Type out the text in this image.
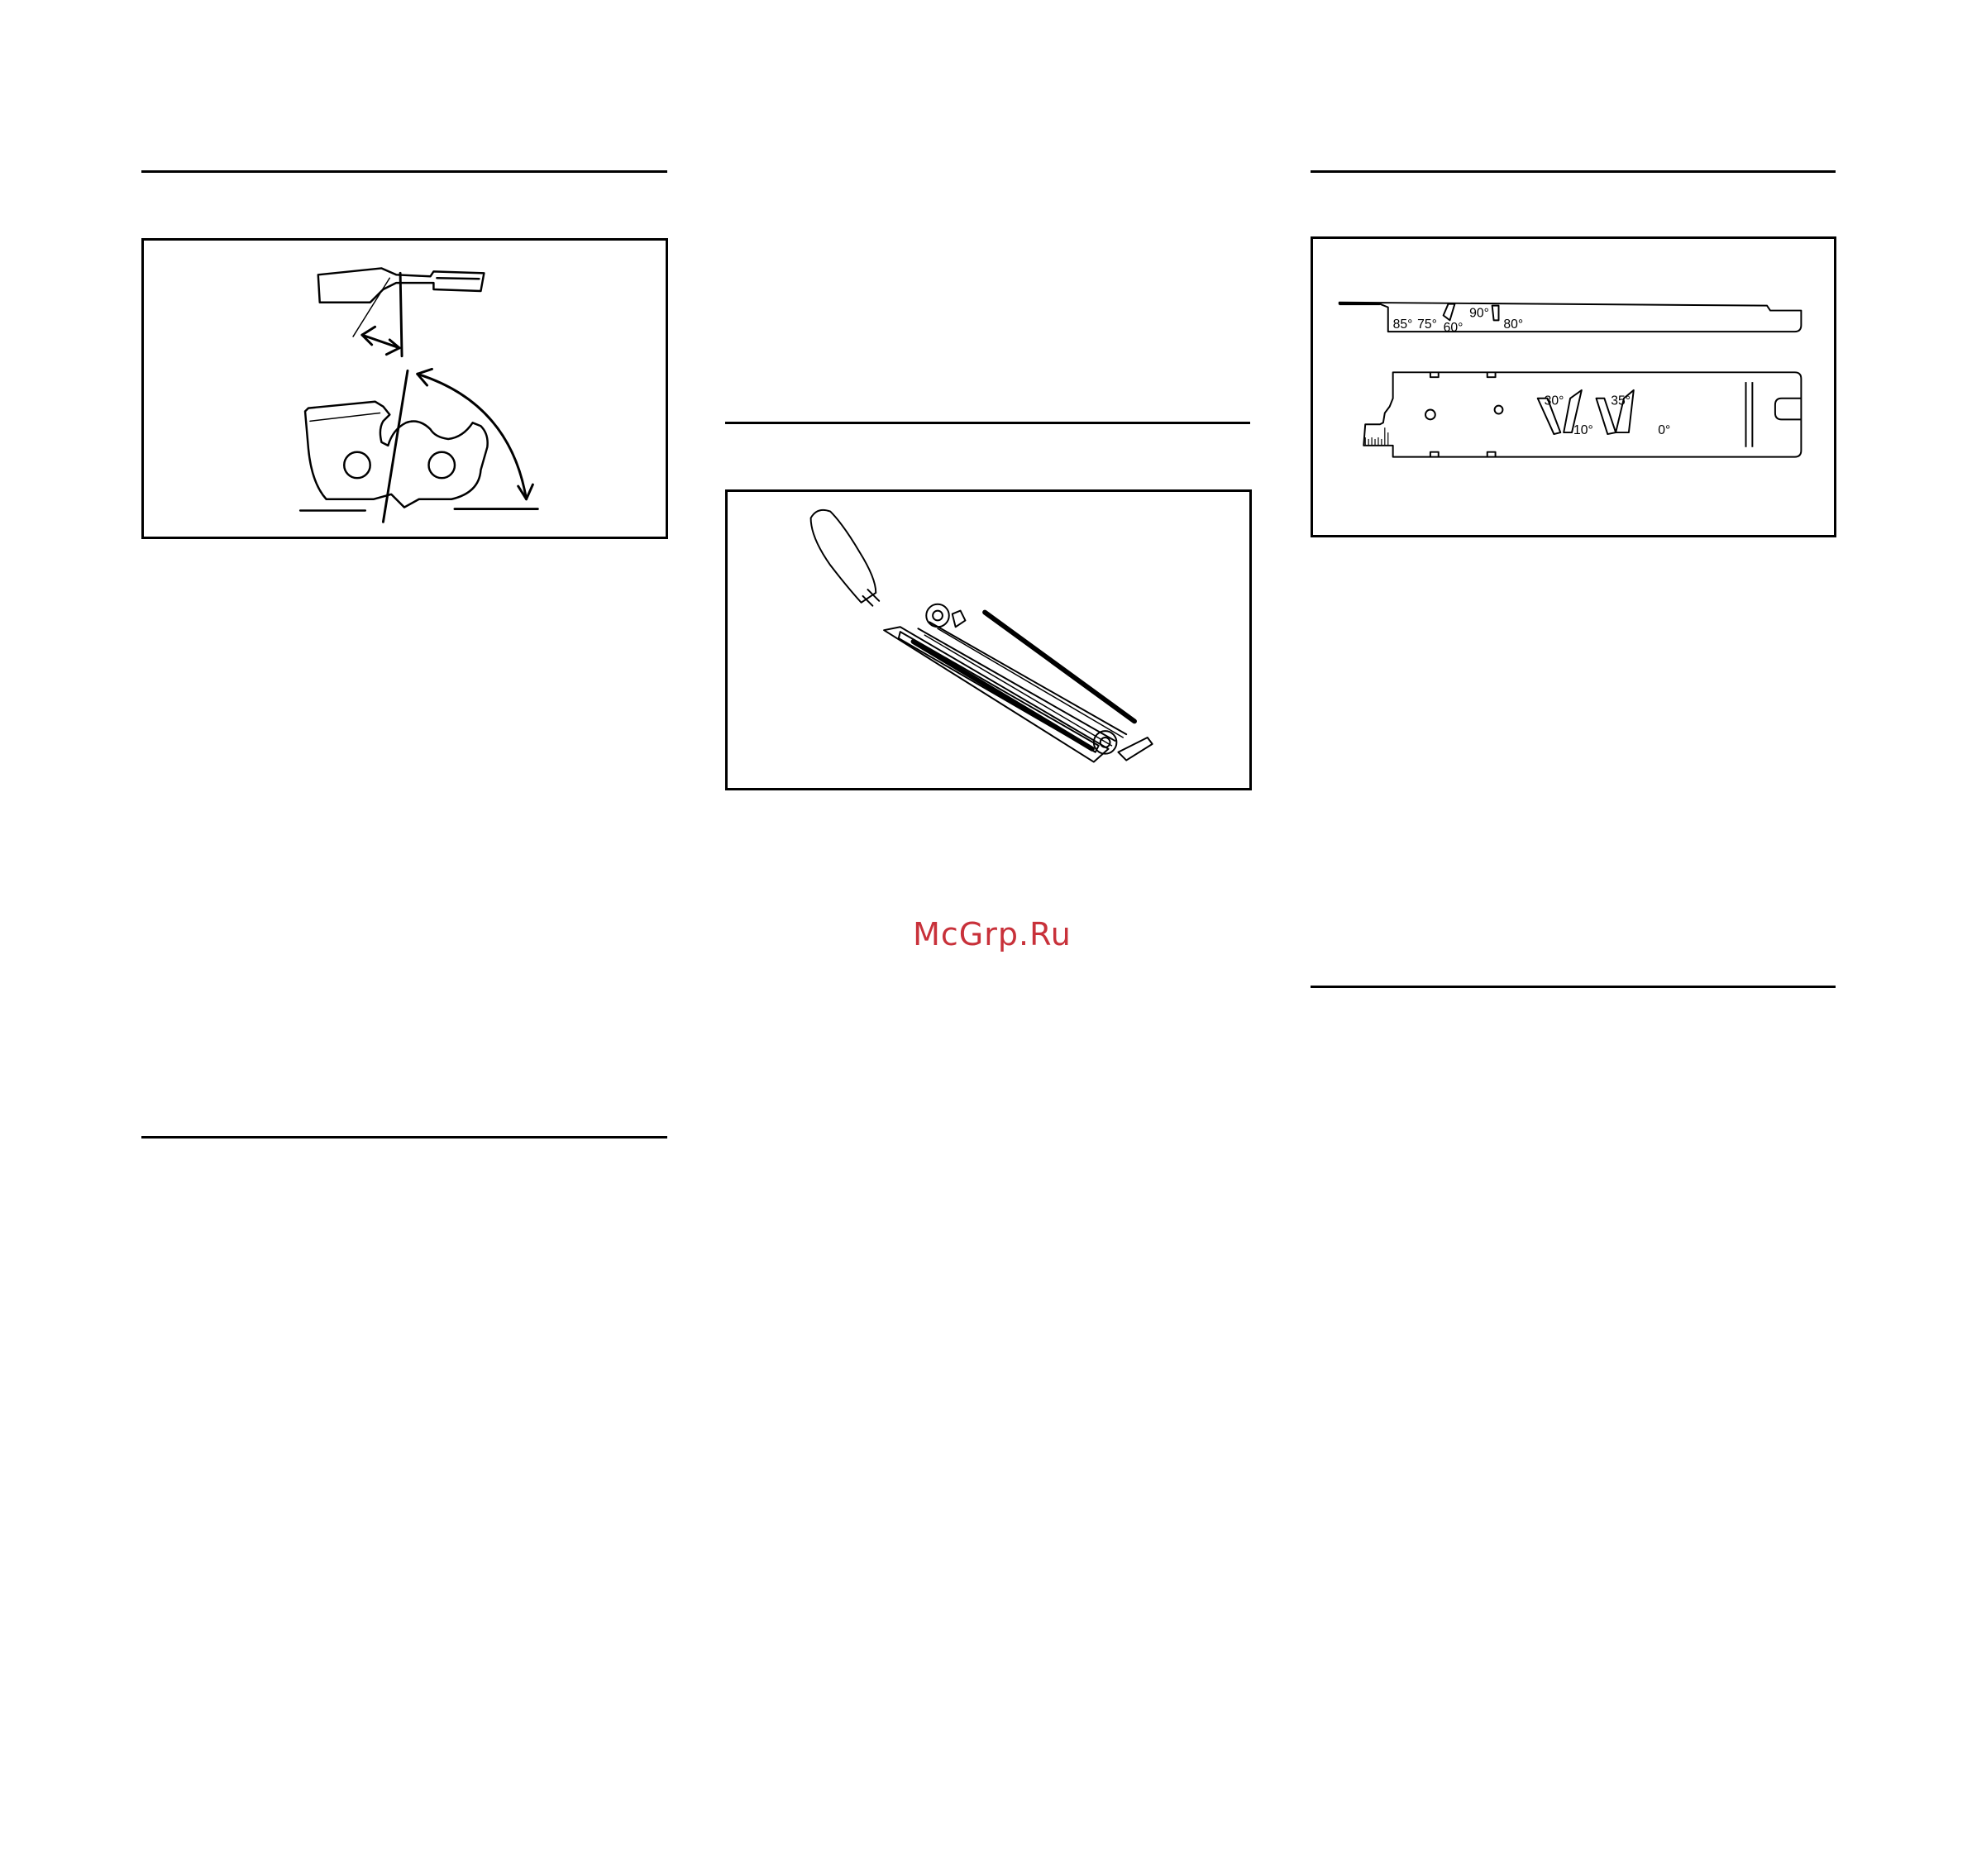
85° 75° 60°
90°
80°
30°
10°
35°
0°
McGrp.Ru
